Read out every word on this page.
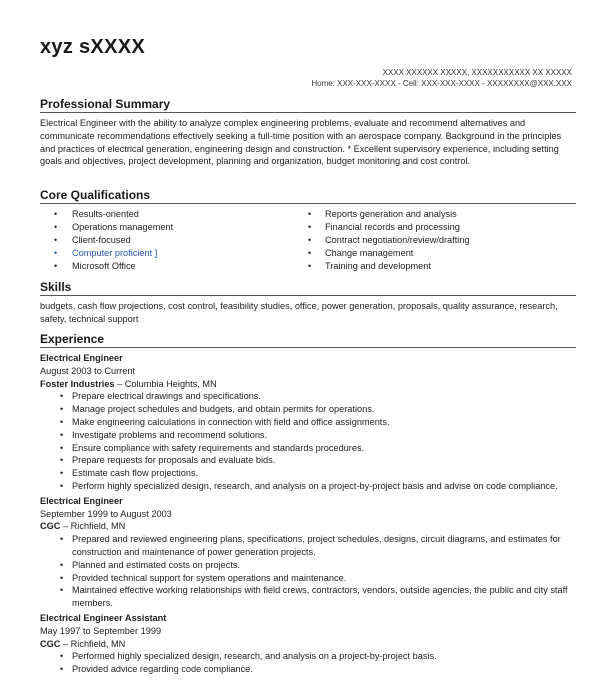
xyz sXXXX
XXXX XXXXXX XXXXX, XXXXXXXXXXX XX XXXXX
Home: XXX-XXX-XXXX - Cell: XXX-XXX-XXXX - XXXXXXXX@XXX.XXX
Professional Summary

Electrical Engineer with the ability to analyze complex engineering problems, evaluate and recommend alternatives and communicate recommendations effectively seeking a full-time position with an aerospace company. Background in the principles and practices of electrical generation, engineering design and construction. * Excellent supervisory experience, including setting goals and objectives, project development, planning and organization, budget monitoring and cost control.

Core Qualifications
• Results-oriented
• Operations management
• Client-focused
• Computer proficient ]
• Microsoft Office
• Reports generation and analysis
• Financial records and processing
• Contract negotiation/review/drafting
• Change management
• Training and development
Skills

budgets, cash flow projections, cost control, feasibility studies, office, power generation, proposals, quality assurance, research, safety, technical support

Experience
Electrical Engineer
August 2003 to Current
Foster Industries – Columbia Heights, MN
• Prepare electrical drawings and specifications.
• Manage project schedules and budgets, and obtain permits for operations.
• Make engineering calculations in connection with field and office assignments.
• Investigate problems and recommend solutions.
• Ensure compliance with safety requirements and standards procedures.
• Prepare requests for proposals and evaluate bids.
• Estimate cash flow projections.
• Perform highly specialized design, research, and analysis on a project-by-project basis and advise on code compliance.
Electrical Engineer
September 1999 to August 2003
CGC – Richfield, MN
• Prepared and reviewed engineering plans, specifications, project schedules, designs, circuit diagrams, and estimates for construction and maintenance of power generation projects.
• Planned and estimated costs on projects.
• Provided technical support for system operations and maintenance.
• Maintained effective working relationships with field crews, contractors, vendors, outside agencies, the public and city staff members.
Electrical Engineer Assistant
May 1997 to September 1999
CGC – Richfield, MN
• Performed highly specialized design, research, and analysis on a project-by-project basis.
• Provided advice regarding code compliance.
